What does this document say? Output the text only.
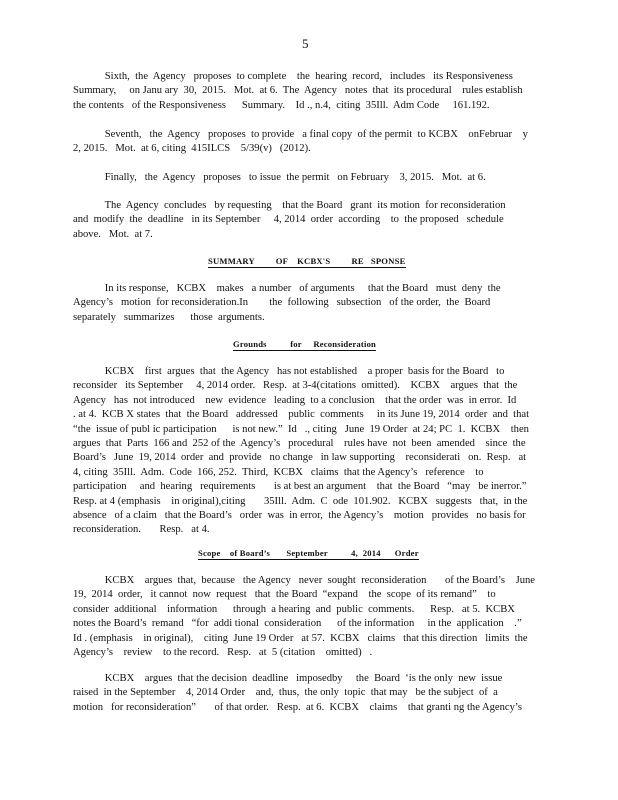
5

Sixth,  the  Agency   proposes  to complete    the  hearing  record,   includes   its Responsiveness

Summary,     on Janu ary  30,  2015.   Mot.  at 6.  The  Agency   notes  that  its procedural    rules establish

the contents   of the Responsiveness      Summary.    Id ., n.4,  citing  35Ill.  Adm Code     161.192.

Seventh,   the  Agency   proposes  to provide   a final copy  of the permit  to KCBX    onFebruar    y

2, 2015.   Mot.  at 6, citing  415ILCS    5/39(v)   (2012).

Finally,   the  Agency   proposes   to issue  the permit   on February    3, 2015.   Mot.  at 6.

The  Agency  concludes   by requesting    that the Board   grant  its motion  for reconsideration

and  modify  the  deadline   in its September     4, 2014  order  according    to  the proposed   schedule

above.   Mot.  at 7.

SUMMARY         OF    KCBX'S         RE   SPONSE

In its response,   KCBX    makes   a number   of arguments     that the Board   must  deny  the

Agency’s   motion  for reconsideration.In        the  following   subsection   of the order,  the  Board

separately   summarizes      those  arguments.

Grounds          for     Reconsideration

KCBX    first  argues  that  the Agency   has not established    a proper  basis for the Board   to

reconsider   its September     4, 2014 order.   Resp.  at 3-4(citations  omitted).    KCBX    argues  that  the

Agency   has  not introduced    new  evidence   leading  to a conclusion    that the order  was  in error.  Id

. at 4.  KCB X states  that  the Board   addressed    public  comments     in its June 19, 2014  order  and  that

“the  issue of publ ic participation      is not new.”  Id   ., citing   June  19 Order  at 24; PC  1.  KCBX    then

argues  that  Parts  166 and  252 of the  Agency’s   procedural    rules have  not  been  amended    since  the

Board’s   June  19, 2014  order  and  provide   no change   in law supporting    reconsiderati   on.  Resp.   at

4, citing  35Ill.  Adm.  Code  166, 252.  Third,  KCBX   claims  that the Agency’s   reference    to

participation     and  hearing   requirements       is at best an argument    that  the Board   “may   be inerror.”

Resp. at 4 (emphasis    in original),citing       35Ill.  Adm.  C  ode  101.902.   KCBX   suggests   that,  in the

absence   of a claim   that the Board’s   order  was  in error,  the Agency’s    motion   provides   no basis for

reconsideration.       Resp.   at 4.

Scope    of Board’s       September          4,  2014      Order

KCBX    argues  that,  because   the Agency   never  sought  reconsideration       of the Board’s    June

19,  2014  order,   it cannot  now  request   that  the Board  “expand    the  scope  of its remand”    to

consider  additional    information      through  a hearing  and  public  comments.      Resp.   at 5.  KCBX

notes the Board’s  remand   “for  addi tional  consideration      of the information     in the  application    .”

Id . (emphasis    in original),    citing  June 19 Order   at 57.  KCBX   claims   that this direction   limits  the

Agency’s    review    to the record.   Resp.   at  5 (citation    omitted)   .

KCBX    argues  that the decision  deadline   imposedby     the  Board  ‘is the only  new  issue

raised  in the September    4, 2014 Order    and,  thus,  the only  topic  that may   be the subject  of  a

motion   for reconsideration”       of that order.   Resp.  at 6.  KCBX    claims    that granti ng the Agency’s
